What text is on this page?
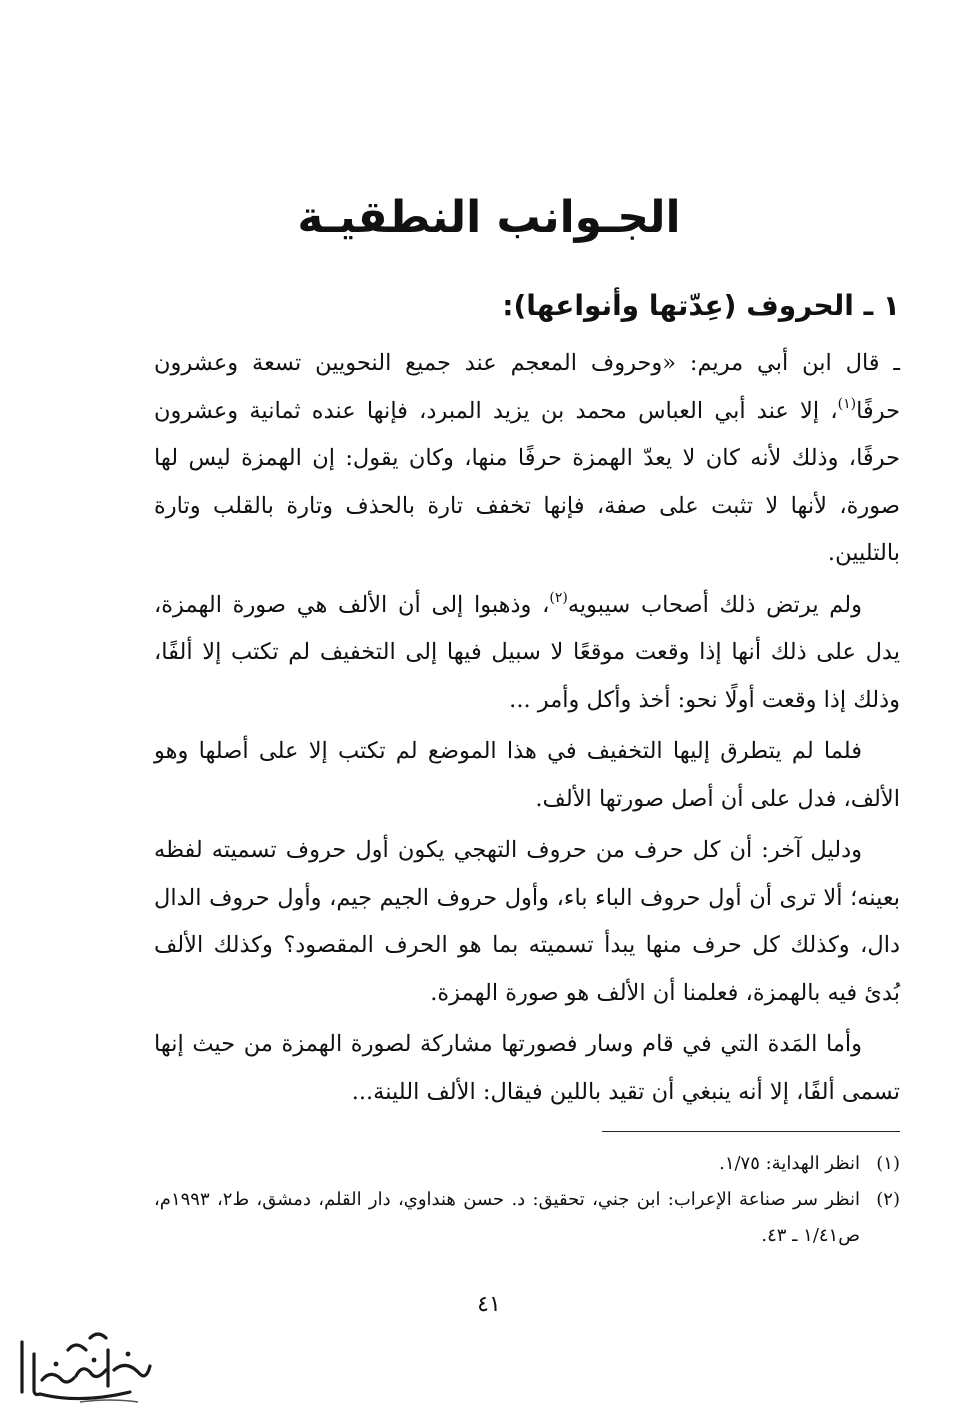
الجـوانب النطقيـة
١ ـ الحروف (عِدّتها وأنواعها):

ـ قال ابن أبي مريم: «وحروف المعجم عند جميع النحويين تسعة وعشرون حرفًا$^{(١)}$، إلا عند أبي العباس محمد بن يزيد المبرد، فإنها عنده ثمانية وعشرون حرفًا، وذلك لأنه كان لا يعدّ الهمزة حرفًا منها، وكان يقول: إن الهمزة ليس لها صورة، لأنها لا تثبت على صفة، فإنها تخفف تارة بالحذف وتارة بالقلب وتارة بالتليين.

ولم يرتض ذلك أصحاب سيبويه$^{(٢)}$، وذهبوا إلى أن الألف هي صورة الهمزة، يدل على ذلك أنها إذا وقعت موقعًا لا سبيل فيها إلى التخفيف لم تكتب إلا ألفًا، وذلك إذا وقعت أولًا نحو: أخذ وأكل وأمر ...

فلما لم يتطرق إليها التخفيف في هذا الموضع لم تكتب إلا على أصلها وهو الألف، فدل على أن أصل صورتها الألف.

ودليل آخر: أن كل حرف من حروف التهجي يكون أول حروف تسميته لفظه بعينه؛ ألا ترى أن أول حروف الباء باء، وأول حروف الجيم جيم، وأول حروف الدال دال، وكذلك كل حرف منها يبدأ تسميته بما هو الحرف المقصود؟ وكذلك الألف بُدئ فيه بالهمزة، فعلمنا أن الألف هو صورة الهمزة.

وأما المَدة التي في قام وسار فصورتها مشاركة لصورة الهمزة من حيث إنها تسمى ألفًا، إلا أنه ينبغي أن تقيد باللين فيقال: الألف اللينة...

(١)
انظر الهداية: ١/٧٥.
(٢)
انظر سر صناعة الإعراب: ابن جني، تحقيق: د. حسن هنداوي، دار القلم، دمشق، ط٢، ١٩٩٣م، ص١/٤١ ـ ٤٣.
٤١
